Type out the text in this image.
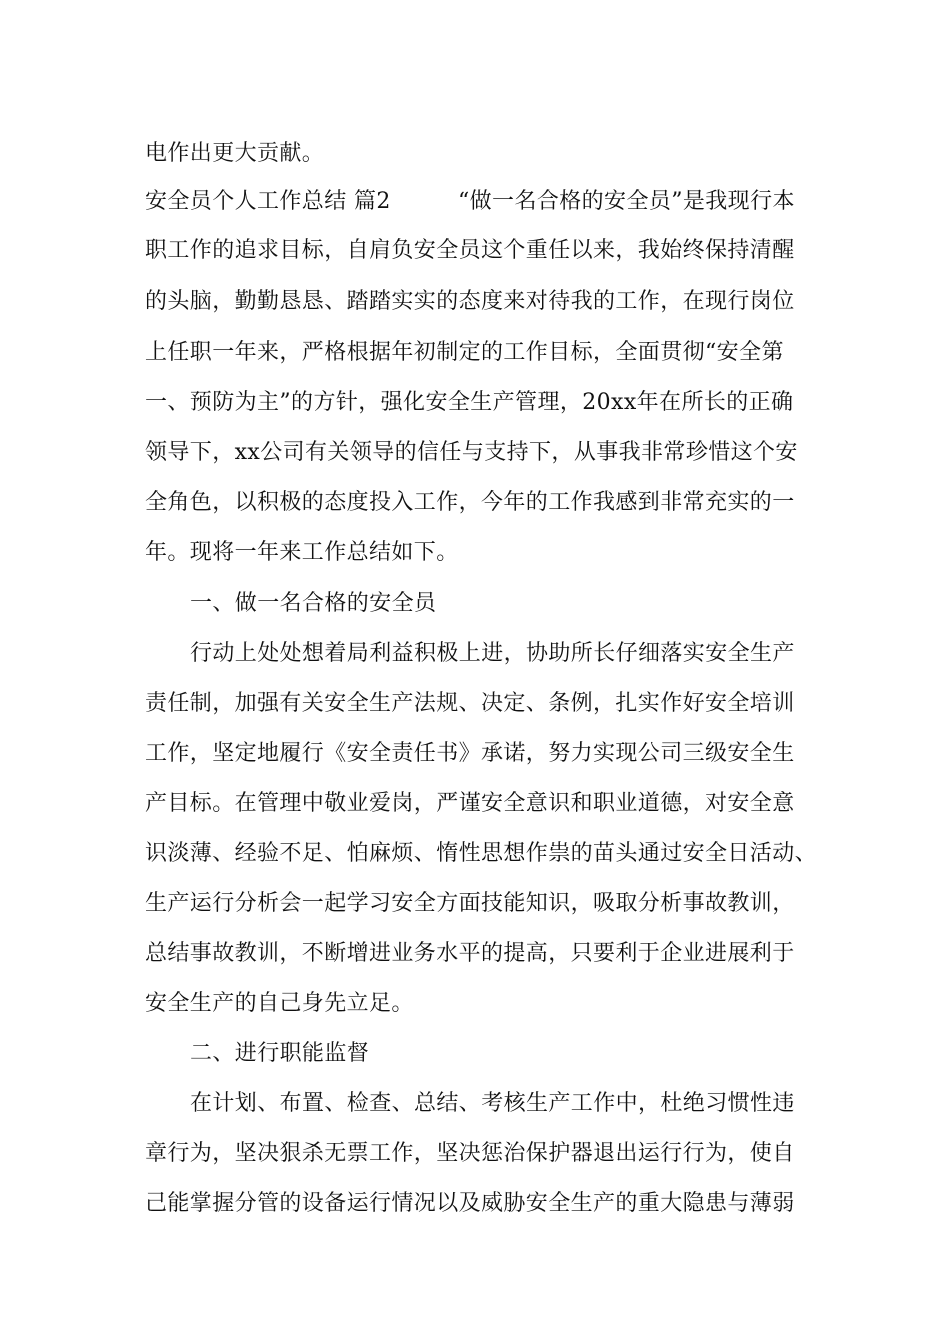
电作出更大贡献。
安全员个人工作总结 篇2　　　“做一名合格的安全员”是我现行本
职工作的追求目标，自肩负安全员这个重任以来，我始终保持清醒
的头脑，勤勤恳恳、踏踏实实的态度来对待我的工作，在现行岗位
上任职一年来，严格根据年初制定的工作目标，全面贯彻“安全第
一、预防为主”的方针，强化安全生产管理，20xx年在所长的正确
领导下，xx公司有关领导的信任与支持下，从事我非常珍惜这个安
全角色，以积极的态度投入工作，今年的工作我感到非常充实的一
年。现将一年来工作总结如下。
一、做一名合格的安全员
行动上处处想着局利益积极上进，协助所长仔细落实安全生产
责任制，加强有关安全生产法规、决定、条例，扎实作好安全培训
工作，坚定地履行《安全责任书》承诺，努力实现公司三级安全生
产目标。在管理中敬业爱岗，严谨安全意识和职业道德，对安全意
识淡薄、经验不足、怕麻烦、惰性思想作祟的苗头通过安全日活动、
生产运行分析会一起学习安全方面技能知识，吸取分析事故教训，
总结事故教训，不断增进业务水平的提高，只要利于企业进展利于
安全生产的自己身先立足。
二、进行职能监督
在计划、布置、检查、总结、考核生产工作中，杜绝习惯性违
章行为，坚决狠杀无票工作，坚决惩治保护器退出运行行为，使自
己能掌握分管的设备运行情况以及威胁安全生产的重大隐患与薄弱
